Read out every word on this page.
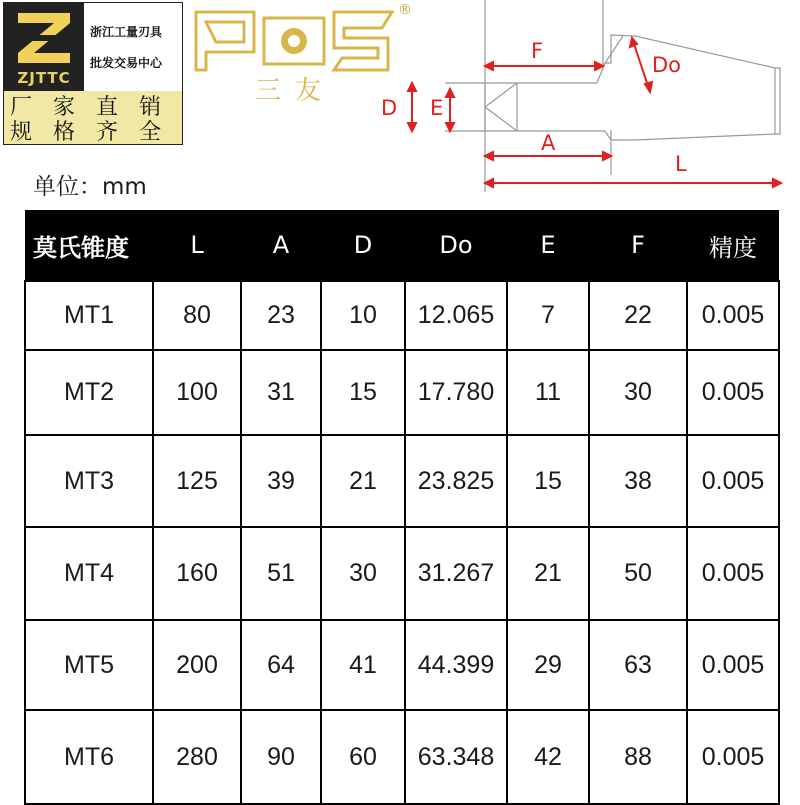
ZJTTC
浙江工量刃具
批发交易中心
厂 家 直 销
规 格 齐 全
三友
®
F
Do
D E
A
L
单位：mm
莫氏锥度	L	A	D	Do	E	F	精度
MT1	80	23	10	12.065	7	22	0.005
MT2	100	31	15	17.780	11	30	0.005
MT3	125	39	21	23.825	15	38	0.005
MT4	160	51	30	31.267	21	50	0.005
MT5	200	64	41	44.399	29	63	0.005
MT6	280	90	60	63.348	42	88	0.005
